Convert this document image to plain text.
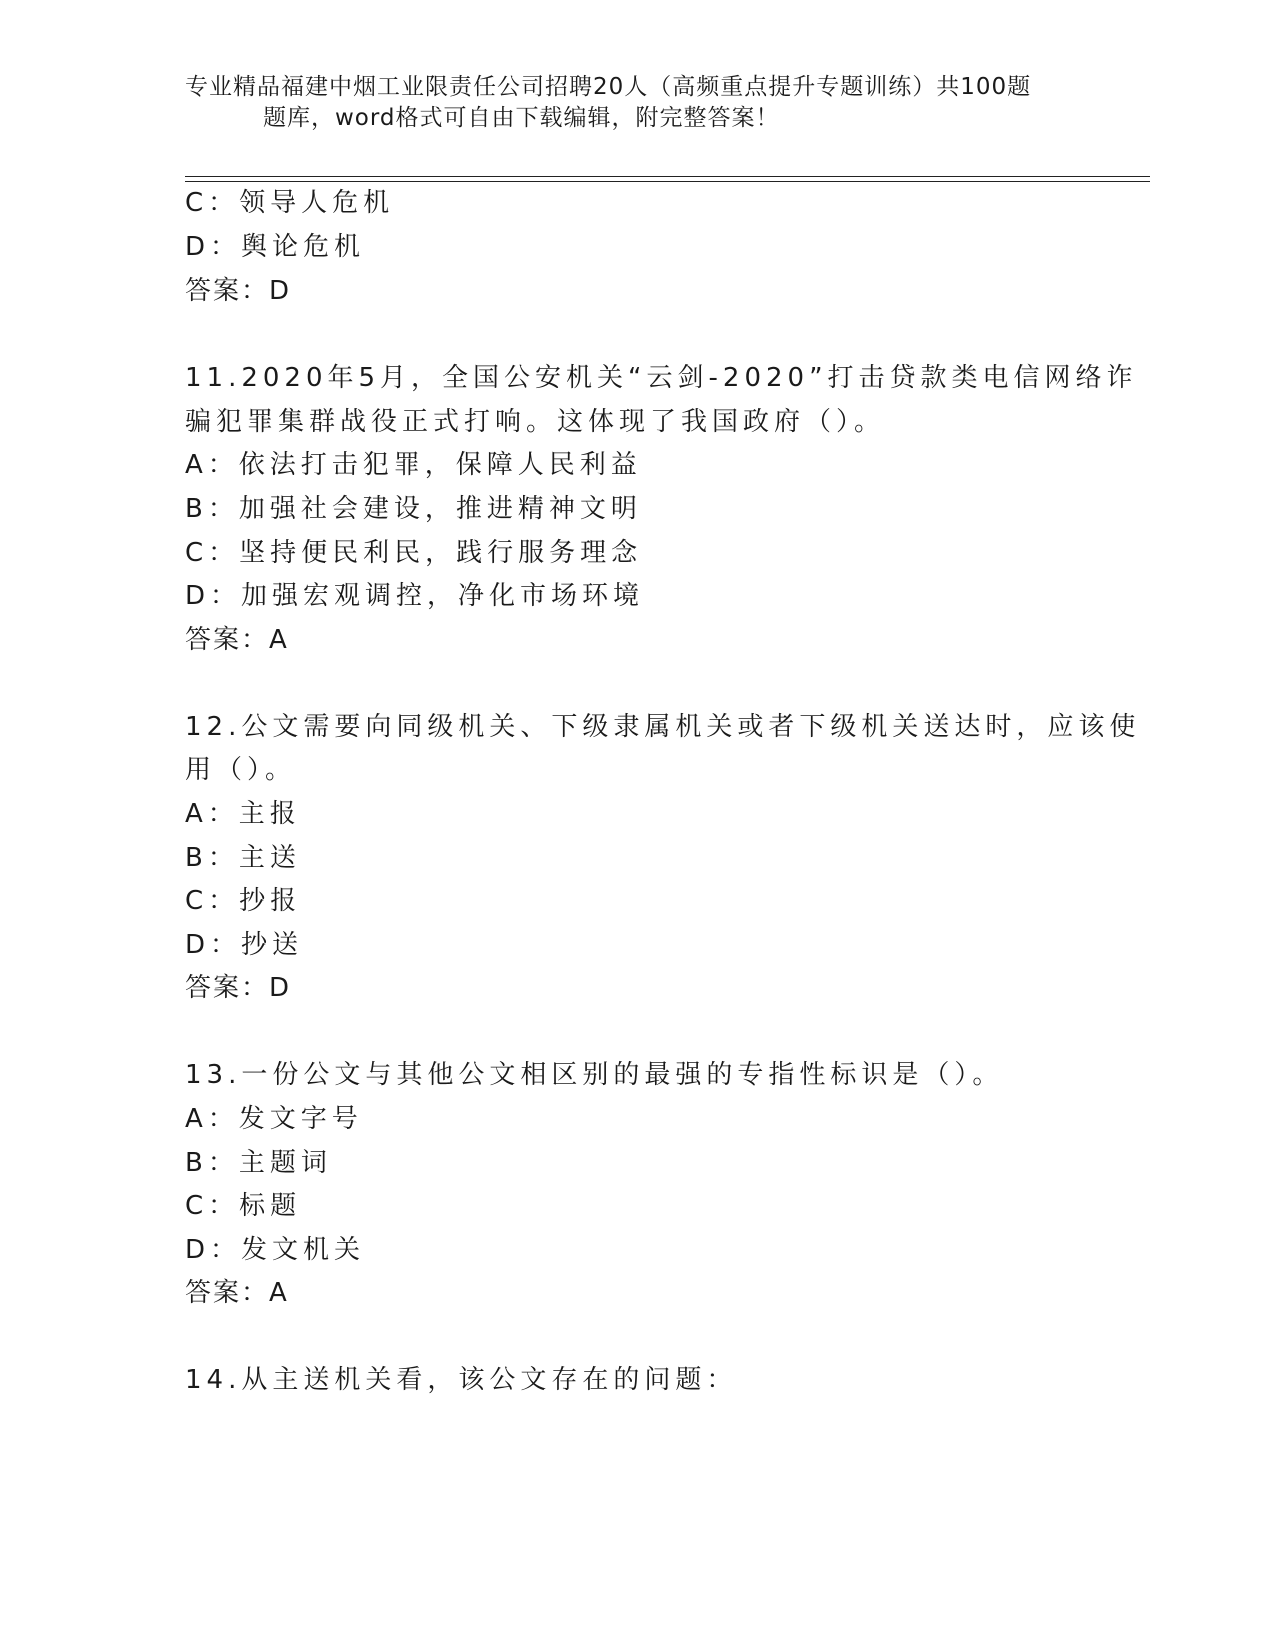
专业精品福建中烟工业限责任公司招聘20人（高频重点提升专题训练）共100题
题库，word格式可自由下载编辑，附完整答案！
C：领导人危机
D：舆论危机
答案：D
11.2020年5月，全国公安机关“云剑-2020”打击贷款类电信网络诈
骗犯罪集群战役正式打响。这体现了我国政府（）。
A：依法打击犯罪，保障人民利益
B：加强社会建设，推进精神文明
C：坚持便民利民，践行服务理念
D：加强宏观调控，净化市场环境
答案：A
12.公文需要向同级机关、下级隶属机关或者下级机关送达时，应该使
用（）。
A：主报
B：主送
C：抄报
D：抄送
答案：D
13.一份公文与其他公文相区别的最强的专指性标识是（）。
A：发文字号
B：主题词
C：标题
D：发文机关
答案：A
14.从主送机关看，该公文存在的问题：
